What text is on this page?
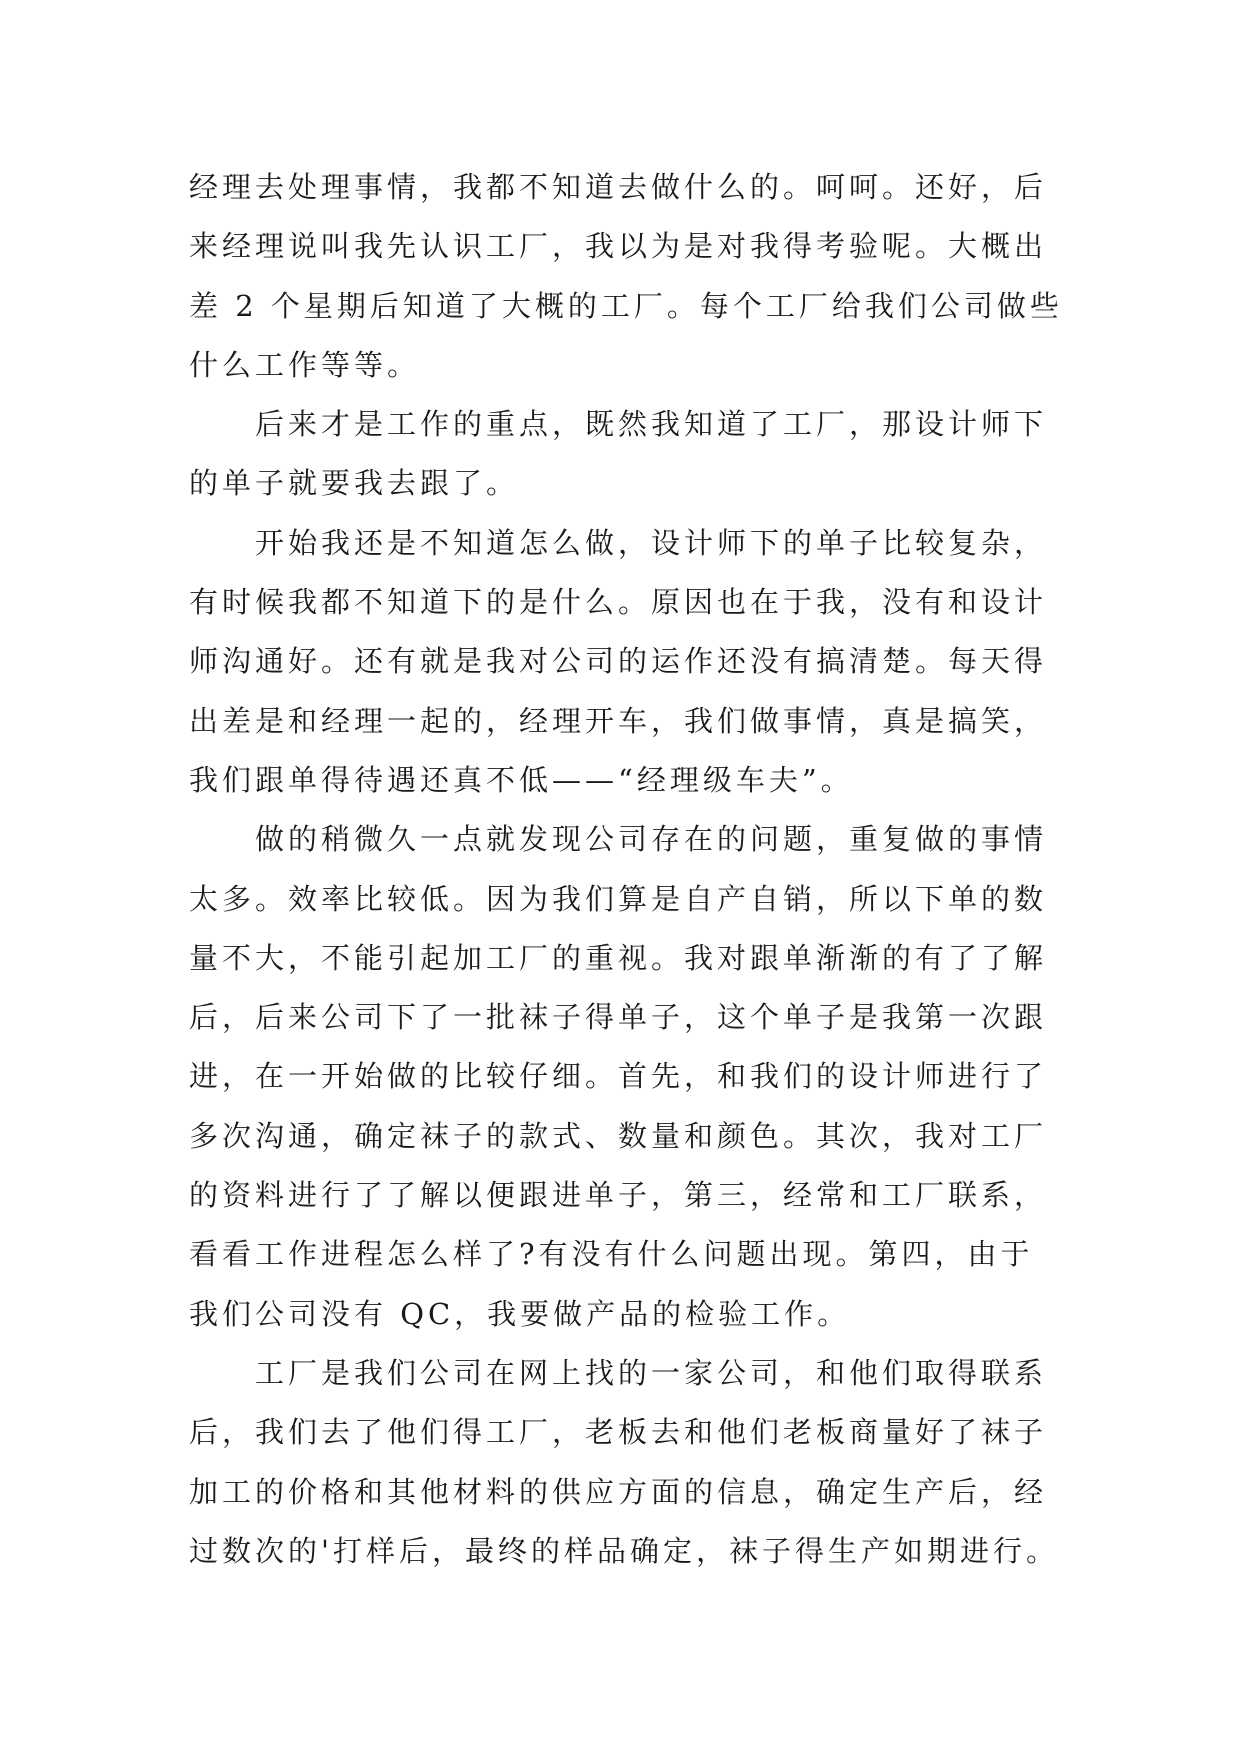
经理去处理事情，我都不知道去做什么的。呵呵。还好，后
来经理说叫我先认识工厂，我以为是对我得考验呢。大概出
差 2 个星期后知道了大概的工厂。每个工厂给我们公司做些
什么工作等等。
后来才是工作的重点，既然我知道了工厂，那设计师下
的单子就要我去跟了。
开始我还是不知道怎么做，设计师下的单子比较复杂，
有时候我都不知道下的是什么。原因也在于我，没有和设计
师沟通好。还有就是我对公司的运作还没有搞清楚。每天得
出差是和经理一起的，经理开车，我们做事情，真是搞笑，
我们跟单得待遇还真不低——“经理级车夫”。
做的稍微久一点就发现公司存在的问题，重复做的事情
太多。效率比较低。因为我们算是自产自销，所以下单的数
量不大，不能引起加工厂的重视。我对跟单渐渐的有了了解
后，后来公司下了一批袜子得单子，这个单子是我第一次跟
进，在一开始做的比较仔细。首先，和我们的设计师进行了
多次沟通，确定袜子的款式、数量和颜色。其次，我对工厂
的资料进行了了解以便跟进单子，第三，经常和工厂联系，
看看工作进程怎么样了?有没有什么问题出现。第四，由于
我们公司没有 QC，我要做产品的检验工作。
工厂是我们公司在网上找的一家公司，和他们取得联系
后，我们去了他们得工厂，老板去和他们老板商量好了袜子
加工的价格和其他材料的供应方面的信息，确定生产后，经
过数次的'打样后，最终的样品确定，袜子得生产如期进行。
